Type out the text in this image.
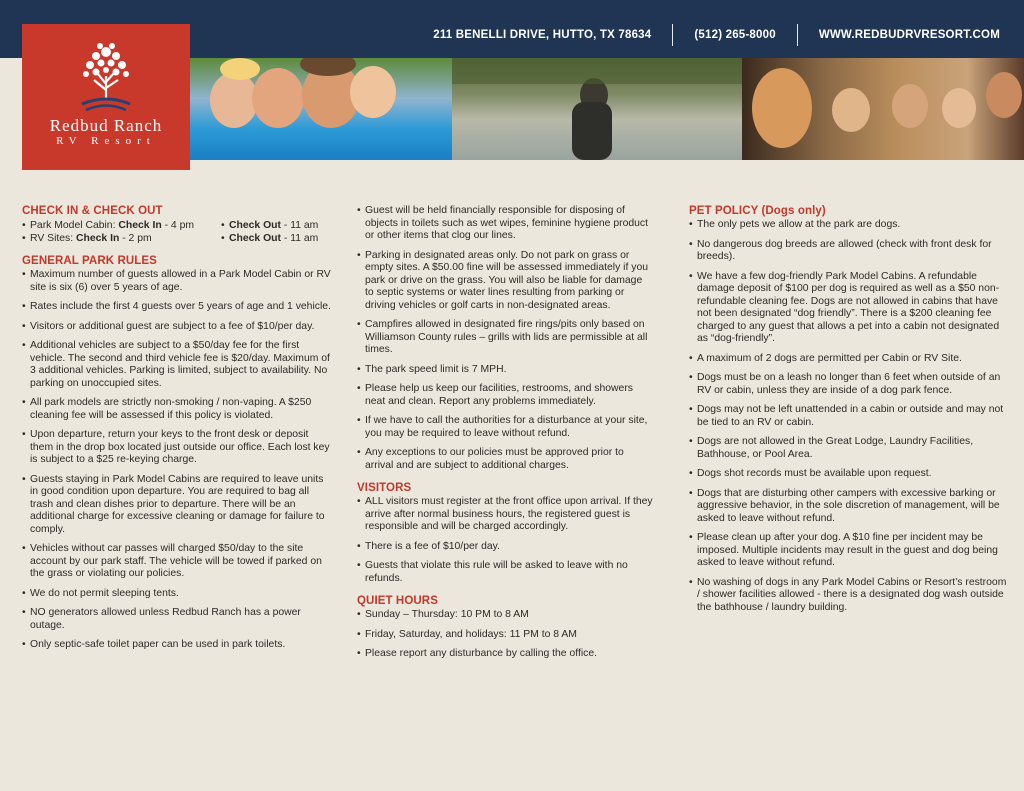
211 BENELLI DRIVE, HUTTO, TX 78634	(512) 265-8000	WWW.REDBUDRVRESORT.COM
Redbud Ranch
RV Resort
CHECK IN & CHECK OUT
• Park Model Cabin: Check In - 4 pm	• Check Out - 11 am
• RV Sites: Check In - 2 pm	• Check Out - 11 am
GENERAL PARK RULES
• Maximum number of guests allowed in a Park Model Cabin or RV site is six (6) over 5 years of age.
• Rates include the first 4 guests over 5 years of age and 1 vehicle.
• Visitors or additional guest are subject to a fee of $10/per day.
• Additional vehicles are subject to a $50/day fee for the first vehicle. The second and third vehicle fee is $20/day. Maximum of 3 additional vehicles. Parking is limited, subject to availability. No parking on unoccupied sites.
• All park models are strictly non-smoking / non-vaping. A $250 cleaning fee will be assessed if this policy is violated.
• Upon departure, return your keys to the front desk or deposit them in the drop box located just outside our office. Each lost key is subject to a $25 re-keying charge.
• Guests staying in Park Model Cabins are required to leave units in good condition upon departure. You are required to bag all trash and clean dishes prior to departure. There will be an additional charge for excessive cleaning or damage for failure to comply.
• Vehicles without car passes will charged $50/day to the site account by our park staff. The vehicle will be towed if parked on the grass or violating our policies.
• We do not permit sleeping tents.
• NO generators allowed unless Redbud Ranch has a power outage.
• Only septic-safe toilet paper can be used in park toilets.
• Guest will be held financially responsible for disposing of objects in toilets such as wet wipes, feminine hygiene product or other items that clog our lines.
• Parking in designated areas only. Do not park on grass or empty sites. A $50.00 fine will be assessed immediately if you park or drive on the grass. You will also be liable for damage to septic systems or water lines resulting from parking or driving vehicles or golf carts in non-designated areas.
• Campfires allowed in designated fire rings/pits only based on Williamson County rules – grills with lids are permissible at all times.
• The park speed limit is 7 MPH.
• Please help us keep our facilities, restrooms, and showers neat and clean. Report any problems immediately.
• If we have to call the authorities for a disturbance at your site, you may be required to leave without refund.
• Any exceptions to our policies must be approved prior to arrival and are subject to additional charges.
VISITORS
• ALL visitors must register at the front office upon arrival. If they arrive after normal business hours, the registered guest is responsible and will be charged accordingly.
• There is a fee of $10/per day.
• Guests that violate this rule will be asked to leave with no refunds.
QUIET HOURS
• Sunday – Thursday: 10 PM to 8 AM
• Friday, Saturday, and holidays: 11 PM to 8 AM
• Please report any disturbance by calling the office.
PET POLICY (Dogs only)
• The only pets we allow at the park are dogs.
• No dangerous dog breeds are allowed (check with front desk for breeds).
• We have a few dog-friendly Park Model Cabins. A refundable damage deposit of $100 per dog is required as well as a $50 non-refundable cleaning fee. Dogs are not allowed in cabins that have not been designated “dog friendly”. There is a $200 cleaning fee charged to any guest that allows a pet into a cabin not designated as “dog-friendly”.
• A maximum of 2 dogs are permitted per Cabin or RV Site.
• Dogs must be on a leash no longer than 6 feet when outside of an RV or cabin, unless they are inside of a dog park fence.
• Dogs may not be left unattended in a cabin or outside and may not be tied to an RV or cabin.
• Dogs are not allowed in the Great Lodge, Laundry Facilities, Bathhouse, or Pool Area.
• Dogs shot records must be available upon request.
• Dogs that are disturbing other campers with excessive barking or aggressive behavior, in the sole discretion of management, will be asked to leave without refund.
• Please clean up after your dog. A $10 fine per incident may be imposed. Multiple incidents may result in the guest and dog being asked to leave without refund.
• No washing of dogs in any Park Model Cabins or Resort’s restroom / shower facilities allowed - there is a designated dog wash outside the bathhouse / laundry building.
